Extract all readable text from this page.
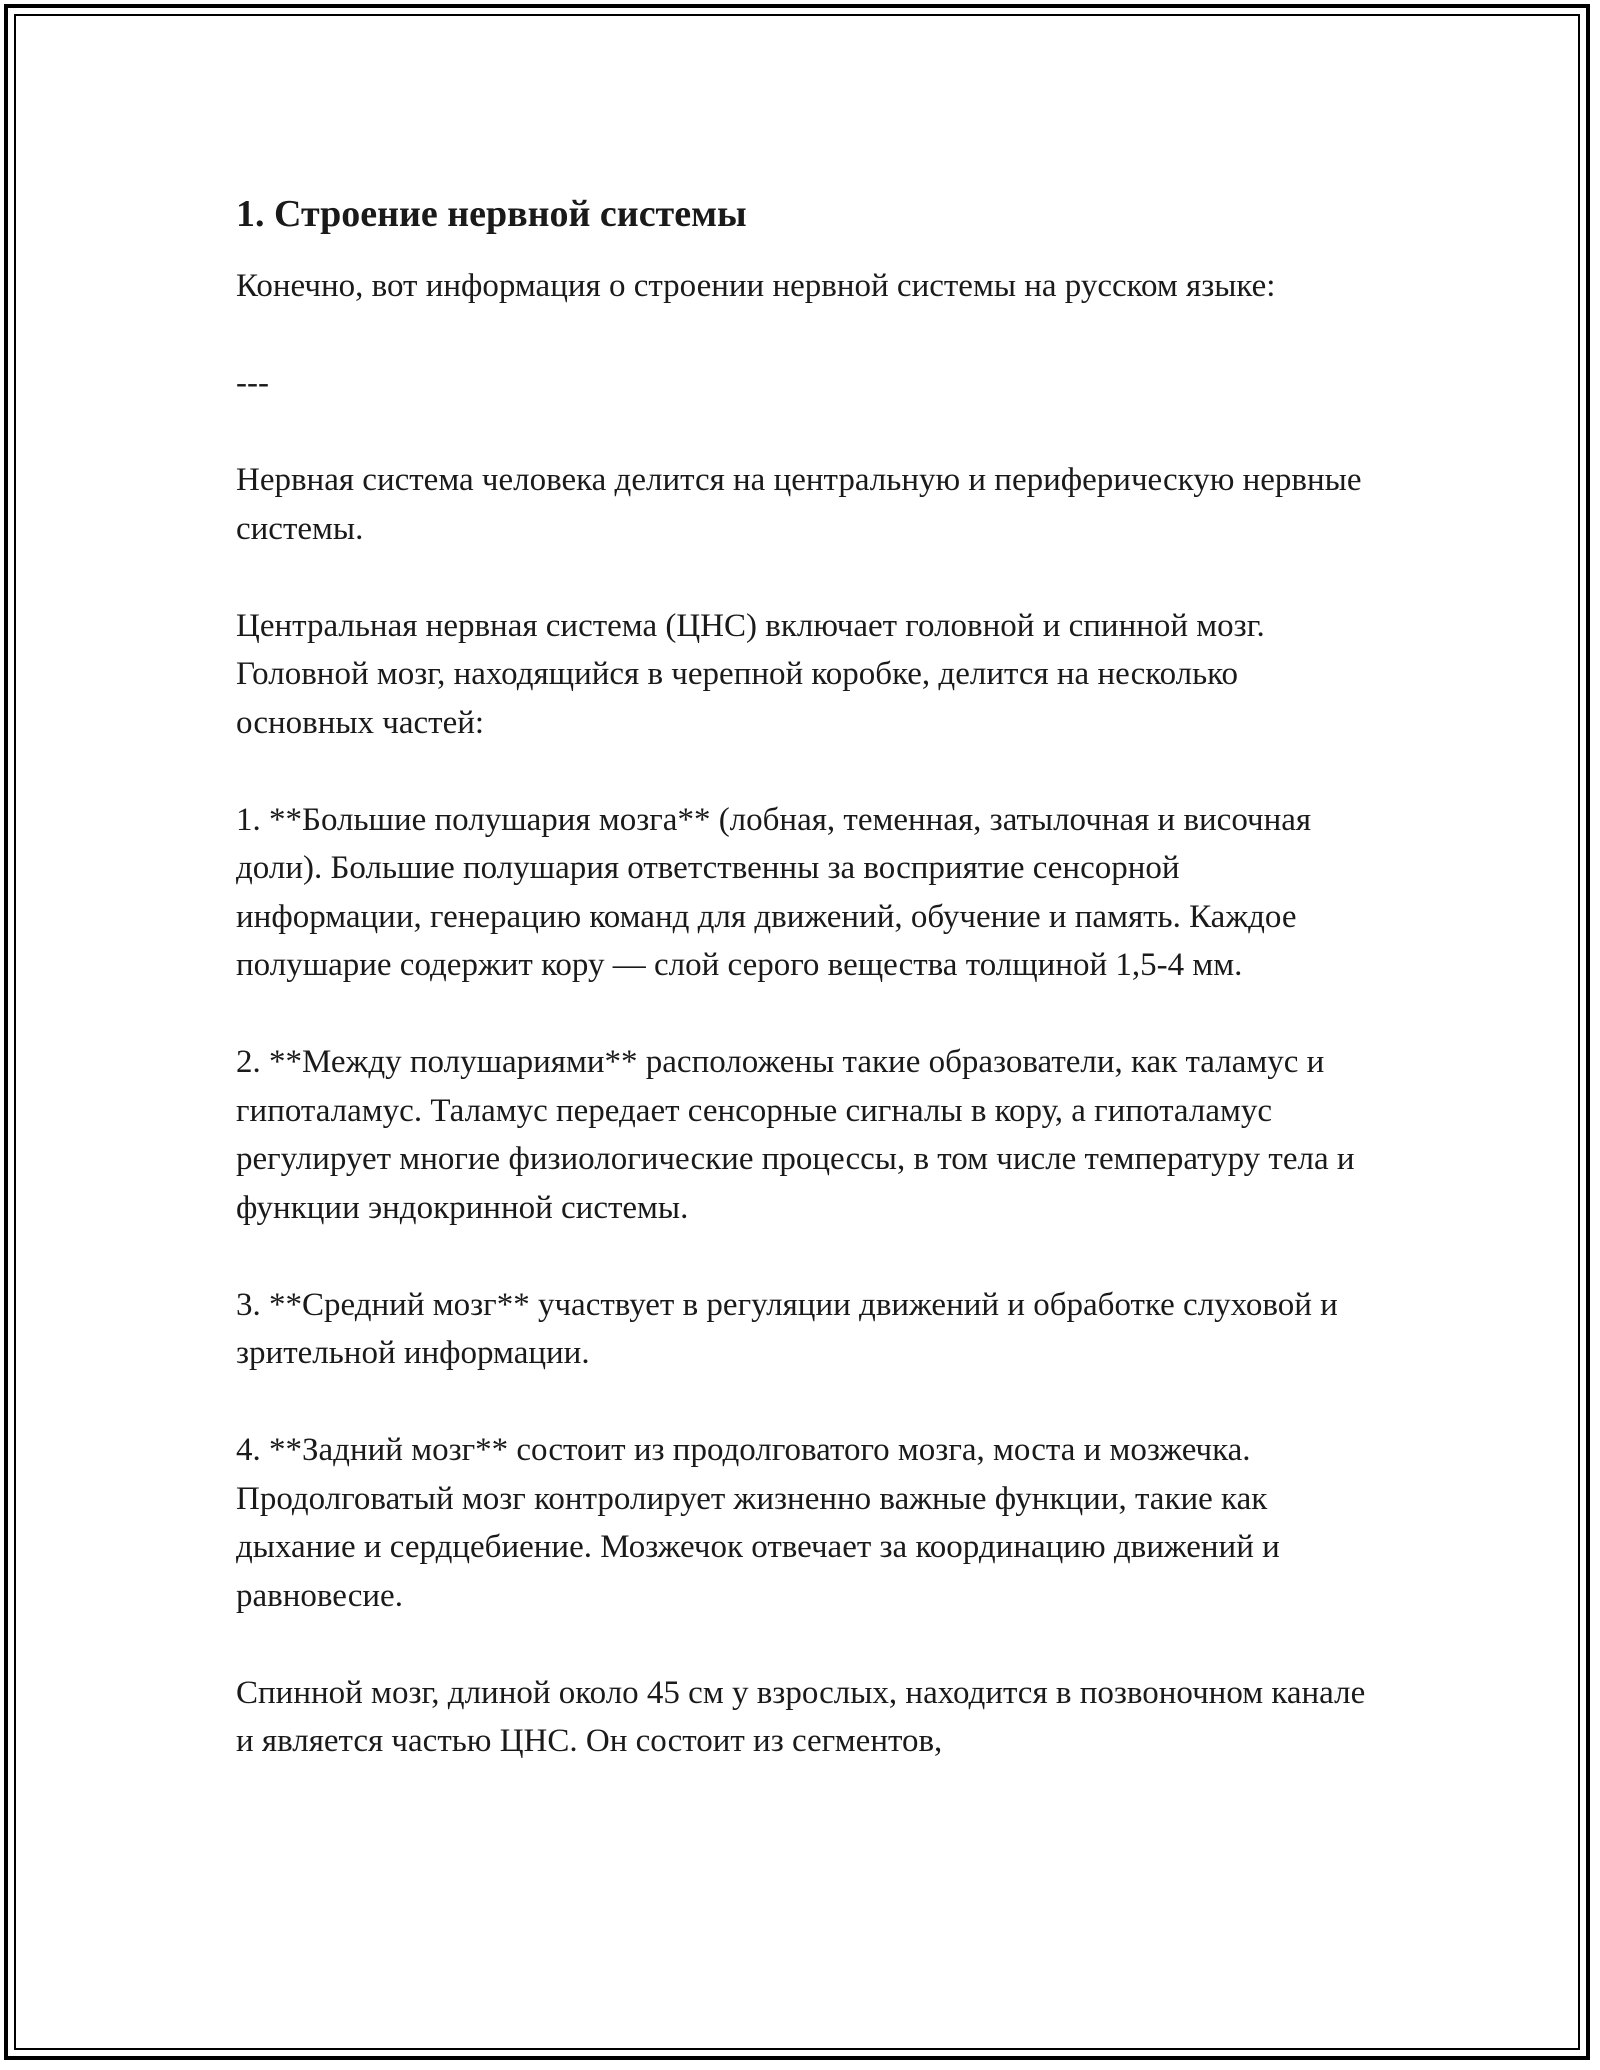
1. Строение нервной системы

Конечно, вот информация о строении нервной системы на русском языке:

---

Нервная система человека делится на центральную и периферическую нервные системы.

Центральная нервная система (ЦНС) включает головной и спинной мозг. Головной мозг, находящийся в черепной коробке, делится на несколько основных частей:

1. **Большие полушария мозга** (лобная, теменная, затылочная и височная доли). Большие полушария ответственны за восприятие сенсорной информации, генерацию команд для движений, обучение и память. Каждое полушарие содержит кору — слой серого вещества толщиной 1,5-4 мм.

2. **Между полушариями** расположены такие образователи, как таламус и гипоталамус. Таламус передает сенсорные сигналы в кору, а гипоталамус регулирует многие физиологические процессы, в том числе температуру тела и функции эндокринной системы.

3. **Средний мозг** участвует в регуляции движений и обработке слуховой и зрительной информации.

4. **Задний мозг** состоит из продолговатого мозга, моста и мозжечка. Продолговатый мозг контролирует жизненно важные функции, такие как дыхание и сердцебиение. Мозжечок отвечает за координацию движений и равновесие.

Спинной мозг, длиной около 45 см у взрослых, находится в позвоночном канале и является частью ЦНС. Он состоит из сегментов,
